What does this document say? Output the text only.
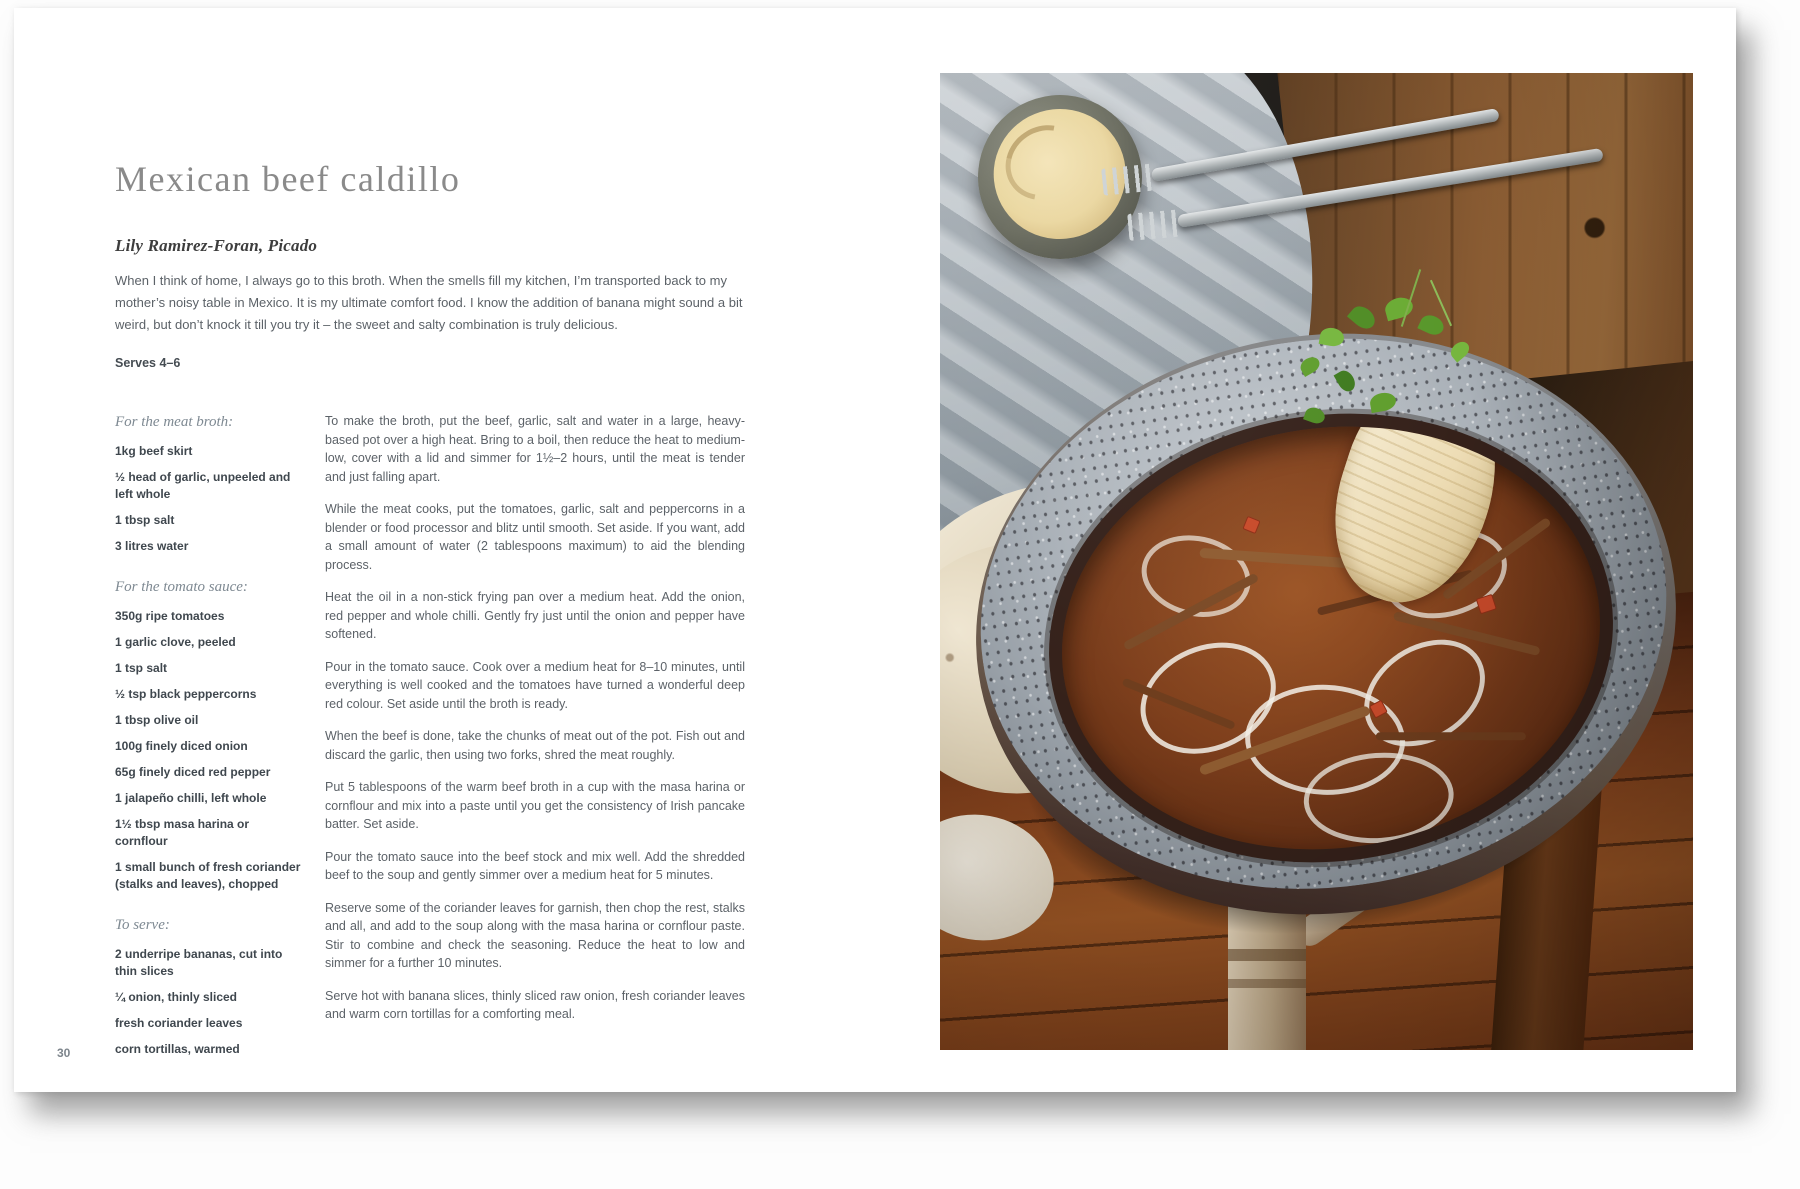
Mexican beef caldillo
Lily Ramirez-Foran, Picado
When I think of home, I always go to this broth. When the smells fill my kitchen, I’m transported back to my mother’s noisy table in Mexico. It is my ultimate comfort food. I know the addition of banana might sound a bit weird, but don’t knock it till you try it – the sweet and salty combination is truly delicious.
Serves 4–6
For the meat broth:
1kg beef skirt
½ head of garlic, unpeeled and left whole
1 tbsp salt
3 litres water
For the tomato sauce:
350g ripe tomatoes
1 garlic clove, peeled
1 tsp salt
½ tsp black peppercorns
1 tbsp olive oil
100g finely diced onion
65g finely diced red pepper
1 jalapeño chilli, left whole
1½ tbsp masa harina or cornflour
1 small bunch of fresh coriander (stalks and leaves), chopped
To serve:
2 underripe bananas, cut into thin slices
¼ onion, thinly sliced
fresh coriander leaves
corn tortillas, warmed

To make the broth, put the beef, garlic, salt and water in a large, heavy-based pot over a high heat. Bring to a boil, then reduce the heat to medium-low, cover with a lid and simmer for 1½–2 hours, until the meat is tender and just falling apart.

While the meat cooks, put the tomatoes, garlic, salt and peppercorns in a blender or food processor and blitz until smooth. Set aside. If you want, add a small amount of water (2 tablespoons maximum) to aid the blending process.

Heat the oil in a non-stick frying pan over a medium heat. Add the onion, red pepper and whole chilli. Gently fry just until the onion and pepper have softened.

Pour in the tomato sauce. Cook over a medium heat for 8–10 minutes, until everything is well cooked and the tomatoes have turned a wonderful deep red colour. Set aside until the broth is ready.

When the beef is done, take the chunks of meat out of the pot. Fish out and discard the garlic, then using two forks, shred the meat roughly.

Put 5 tablespoons of the warm beef broth in a cup with the masa harina or cornflour and mix into a paste until you get the consistency of Irish pancake batter. Set aside.

Pour the tomato sauce into the beef stock and mix well. Add the shredded beef to the soup and gently simmer over a medium heat for 5 minutes.

Reserve some of the coriander leaves for garnish, then chop the rest, stalks and all, and add to the soup along with the masa harina or cornflour paste. Stir to combine and check the seasoning. Reduce the heat to low and simmer for a further 10 minutes.

Serve hot with banana slices, thinly sliced raw onion, fresh coriander leaves and warm corn tortillas for a comforting meal.

30
